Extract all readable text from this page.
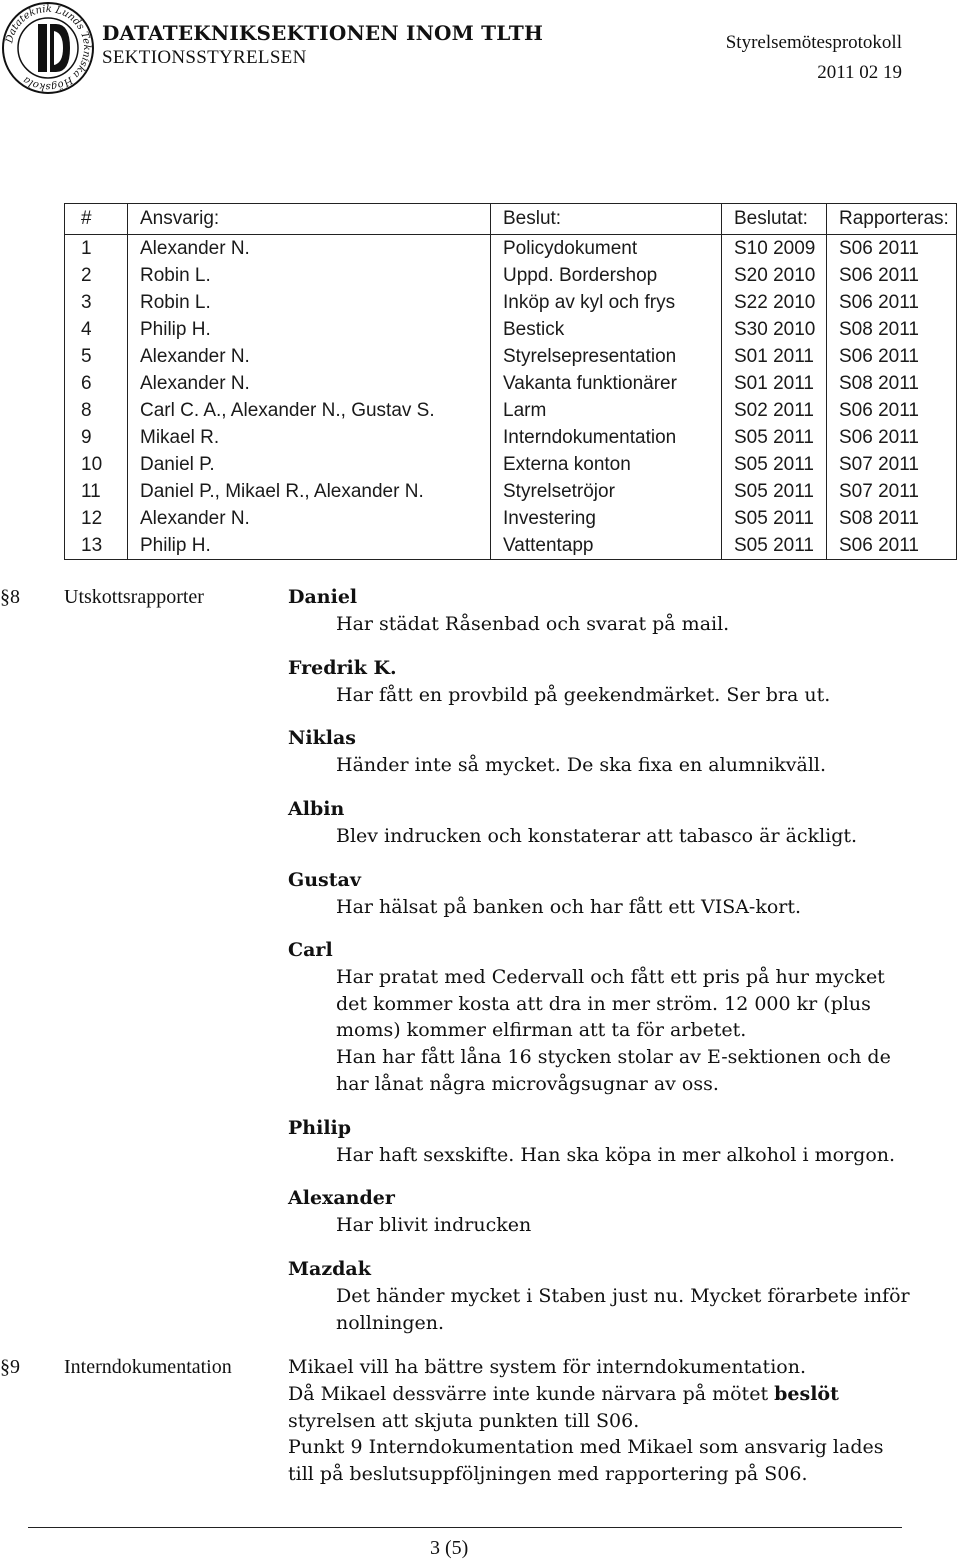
Datateknik Lunds Tekniska Högskola
DATATEKNIKSEKTIONEN INOM TLTH
SEKTIONSSTYRELSEN
Styrelsemötesprotokoll
2011 02 19
#	Ansvarig:	Beslut:	Beslutat:	Rapporteras:
1	Alexander N.	Policydokument	S10 2009	S06 2011
2	Robin L.	Uppd. Bordershop	S20 2010	S06 2011
3	Robin L.	Inköp av kyl och frys	S22 2010	S06 2011
4	Philip H.	Bestick	S30 2010	S08 2011
5	Alexander N.	Styrelsepresentation	S01 2011	S06 2011
6	Alexander N.	Vakanta funktionärer	S01 2011	S08 2011
8	Carl C. A., Alexander N., Gustav S.	Larm	S02 2011	S06 2011
9	Mikael R.	Interndokumentation	S05 2011	S06 2011
10	Daniel P.	Externa konton	S05 2011	S07 2011
11	Daniel P., Mikael R., Alexander N.	Styrelsetröjor	S05 2011	S07 2011
12	Alexander N.	Investering	S05 2011	S08 2011
13	Philip H.	Vattentapp	S05 2011	S06 2011
§8 Utskottsrapporter	Daniel
Har städat Råsenbad och svarat på mail.
Fredrik K.
Har fått en provbild på geekendmärket. Ser bra ut.
Niklas
Händer inte så mycket. De ska fixa en alumnikväll.
Albin
Blev indrucken och konstaterar att tabasco är äckligt.
Gustav
Har hälsat på banken och har fått ett VISA-kort.
Carl
Har pratat med Cedervall och fått ett pris på hur mycket det kommer kosta att dra in mer ström. 12 000 kr (plus moms) kommer elfirman att ta för arbetet.
Han har fått låna 16 stycken stolar av E-sektionen och de har lånat några microvågsugnar av oss.
Philip
Har haft sexskifte. Han ska köpa in mer alkohol i morgon.
Alexander
Har blivit indrucken
Mazdak
Det händer mycket i Staben just nu. Mycket förarbete inför nollningen.
§9 Interndokumentation	Mikael vill ha bättre system för interndokumentation.
Då Mikael dessvärre inte kunde närvara på mötet beslöt styrelsen att skjuta punkten till S06.
Punkt 9 Interndokumentation med Mikael som ansvarig lades till på beslutsuppföljningen med rapportering på S06.
3 (5)
